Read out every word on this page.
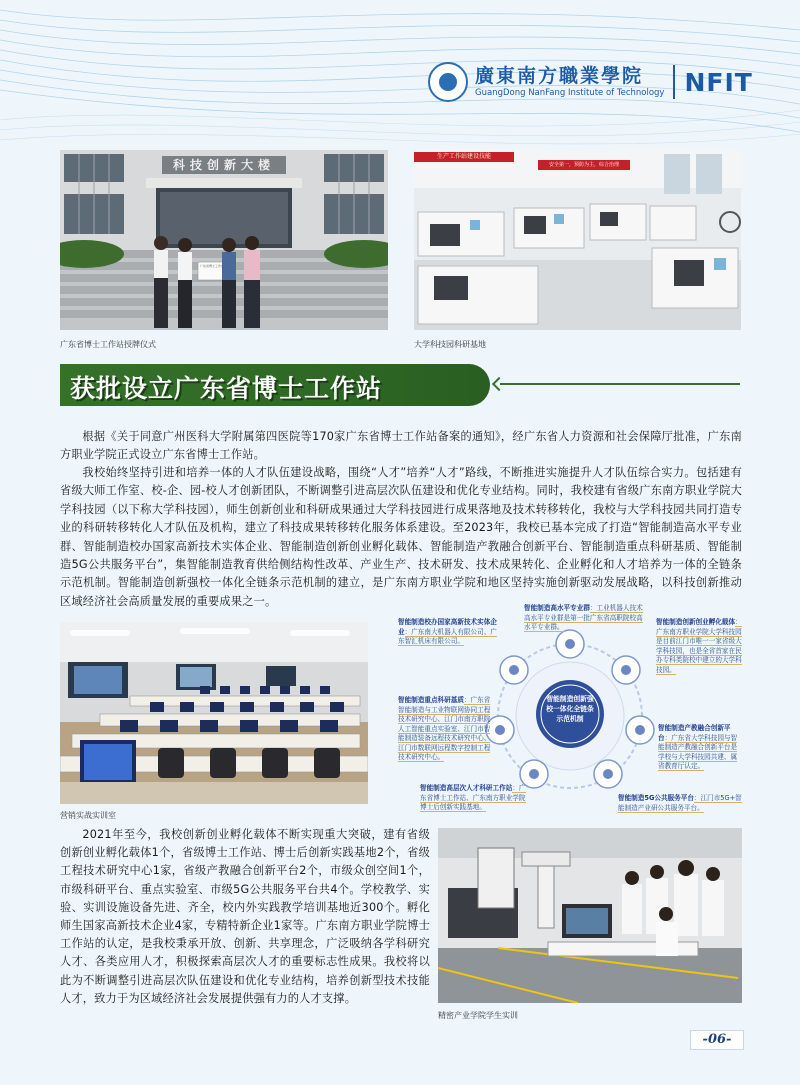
廣東南方職業學院
GuangDong NanFang Institute of Technology NFIT
科技创新大楼
广东省博士工作站
广东省博士工作站授牌仪式
生产工作站建设技能
安全第一，预防为主，综合治理
大学科技园科研基地
获批设立广东省博士工作站

根据《关于同意广州医科大学附属第四医院等170家广东省博士工作站备案的通知》，经广东省人力资源和社会保障厅批准，广东南方职业学院正式设立广东省博士工作站。

我校始终坚持引进和培养一体的人才队伍建设战略，围绕“人才”培养“人才”路线，不断推进实施提升人才队伍综合实力。包括建有省级大师工作室、校-企、园-校人才创新团队，不断调整引进高层次队伍建设和优化专业结构。同时，我校建有省级广东南方职业学院大学科技园（以下称大学科技园），师生创新创业和科研成果通过大学科技园进行成果落地及技术转移转化，我校与大学科技园共同打造专业的科研转移转化人才队伍及机构，建立了科技成果转移转化服务体系建设。至2023年，我校已基本完成了打造“智能制造高水平专业群、智能制造校办国家高新技术实体企业、智能制造创新创业孵化载体、智能制造产教融合创新平台、智能制造重点科研基质、智能制造5G公共服务平台”，集智能制造教育供给侧结构性改革、产业生产、技术研发、技术成果转化、企业孵化和人才培养为一体的全链条示范机制。智能制造创新强校一体化全链条示范机制的建立，是广东南方职业学院和地区坚持实施创新驱动发展战略，以科技创新推动区域经济社会高质量发展的重要成果之一。

营销实战实训室
智能制造创新强校一体化全链条示范机制
智能制造高水平专业群：工业机器人技术高水平专业群是第一批广东省高职院校高水平专业群。
智能制造校办国家高新技术实体企业：广东南大机器人有限公司、广东智汇机床有限公司。
智能制造创新创业孵化载体：广东南方职业学院大学科技园是目前江门市唯一一家省级大学科技园，也是全省首家在民办专科类院校中建立的大学科技园。
智能制造重点科研基质：广东省智能制造与工业物联网协同工程技术研究中心、江门市南方职院人工智能重点实验室、江门市智能制造装备远程技术研究中心、江门市数联网远程数字控制工程技术研究中心。
智能制造产教融合创新平台：广东省大学科技园与智能制造产教融合创新平台是学校与大学科技园共建、属省教育厅认定。
智能制造高层次人才科研工作站：广东省博士工作站、广东南方职业学院博士后创新实践基地。
智能制造5G公共服务平台：江门市5G+智能制造产业研公共服务平台。

2021年至今，我校创新创业孵化载体不断实现重大突破，建有省级创新创业孵化载体1个，省级博士工作站、博士后创新实践基地2个，省级工程技术研究中心1家，省级产教融合创新平台2个，市级众创空间1个，市级科研平台、重点实验室、市级5G公共服务平台共4个。学校教学、实验、实训设施设备先进、齐全，校内外实践教学培训基地近300个。孵化师生国家高新技术企业4家，专精特新企业1家等。广东南方职业学院博士工作站的认定，是我校秉承开放、创新、共享理念，广泛吸纳各学科研究人才、各类应用人才，积极探索高层次人才的重要标志性成果。我校将以此为不断调整引进高层次队伍建设和优化专业结构，培养创新型技术技能人才，致力于为区域经济社会发展提供强有力的人才支撑。

精密产业学院学生实训
-06-
